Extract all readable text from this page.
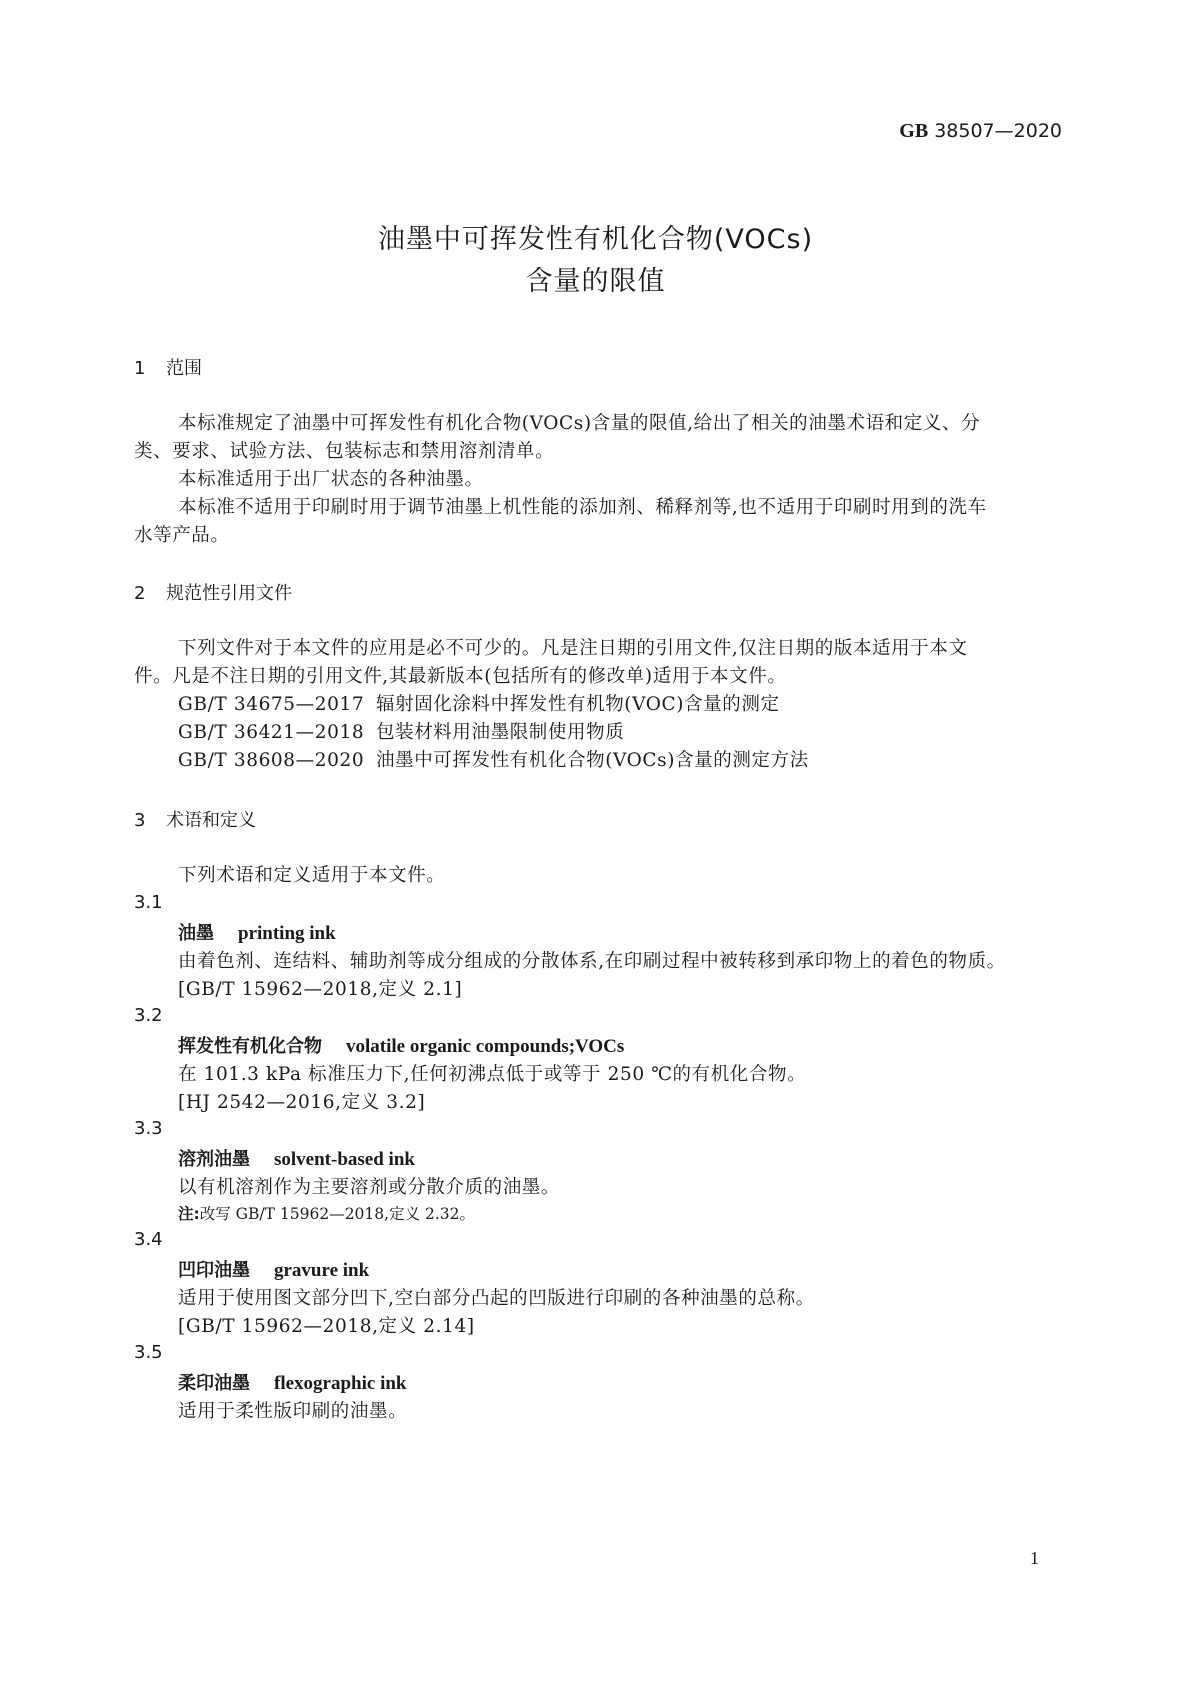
GB 38507—2020
油墨中可挥发性有机化合物(VOCs)
含量的限值
1 范围
本标准规定了油墨中可挥发性有机化合物(VOCs)含量的限值,给出了相关的油墨术语和定义、分
类、要求、试验方法、包装标志和禁用溶剂清单。
本标准适用于出厂状态的各种油墨。
本标准不适用于印刷时用于调节油墨上机性能的添加剂、稀释剂等,也不适用于印刷时用到的洗车
水等产品。
2 规范性引用文件
下列文件对于本文件的应用是必不可少的。凡是注日期的引用文件,仅注日期的版本适用于本文
件。凡是不注日期的引用文件,其最新版本(包括所有的修改单)适用于本文件。
GB/T 34675—2017 辐射固化涂料中挥发性有机物(VOC)含量的测定
GB/T 36421—2018 包装材料用油墨限制使用物质
GB/T 38608—2020 油墨中可挥发性有机化合物(VOCs)含量的测定方法
3 术语和定义
下列术语和定义适用于本文件。
3.1
油墨 printing ink
由着色剂、连结料、辅助剂等成分组成的分散体系,在印刷过程中被转移到承印物上的着色的物质。
[GB/T 15962—2018,定义 2.1]
3.2
挥发性有机化合物 volatile organic compounds;VOCs
在 101.3 kPa 标准压力下,任何初沸点低于或等于 250 ℃的有机化合物。
[HJ 2542—2016,定义 3.2]
3.3
溶剂油墨 solvent-based ink
以有机溶剂作为主要溶剂或分散介质的油墨。
注:改写 GB/T 15962—2018,定义 2.32。
3.4
凹印油墨 gravure ink
适用于使用图文部分凹下,空白部分凸起的凹版进行印刷的各种油墨的总称。
[GB/T 15962—2018,定义 2.14]
3.5
柔印油墨 flexographic ink
适用于柔性版印刷的油墨。
1
